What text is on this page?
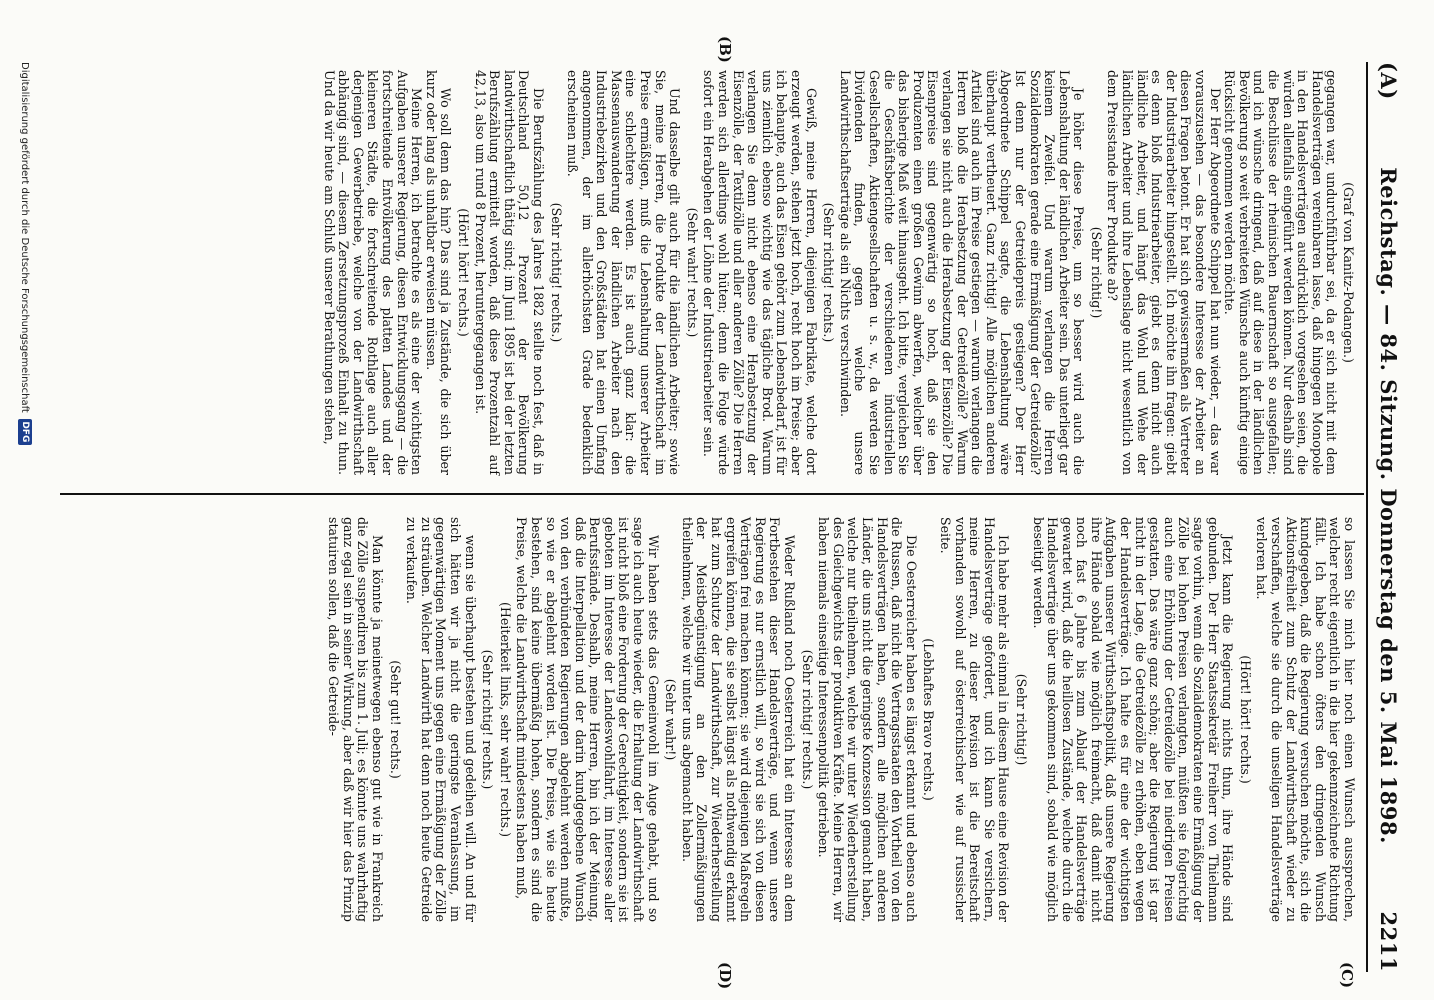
(A)
Reichstag. — 84. Sitzung. Donnerstag den 5. Mai 1898.
2211
(B)
(C)
(D)

(Graf von Kanitz-Podangen.)

gegangen war, undurchführbar sei, da er sich nicht mit dem Handelsverträgen vereinbaren lasse, daß hingegen Monopole in den Handelsverträgen ausdrücklich vorgesehen seien, die würden allenfalls eingeführt werden können. Nur deshalb sind die Beschlüsse der rheinischen Bauernschaft so ausgefallen; und ich wünsche dringend, daß auf diese in der ländlichen Bevölkerung so weit verbreiteten Wünsche auch künftig einige Rücksicht genommen werden möchte.

Der Herr Abgeordnete Schippel hat nun wieder, — das war vorauszusehen — das besondere Interesse der Arbeiter an diesen Fragen betont. Er hat sich gewissermaßen als Vertreter der Industriearbeiter hingestellt. Ich möchte ihn fragen: giebt es denn bloß Industriearbeiter, giebt es denn nicht auch ländliche Arbeiter, und hängt das Wohl und Wehe der ländlichen Arbeiter und ihre Lebenslage nicht wesentlich von dem Preisstande ihrer Produkte ab?

(Sehr richtig!)

Je höher diese Preise, um so besser wird auch die Lebenshaltung der ländlichen Arbeiter sein. Das unterliegt gar keinem Zweifel. Und warum verlangen die Herren Sozialdemokraten gerade eine Ermäßigung der Getreidezölle? Ist denn nur der Getreidepreis gestiegen? Der Herr Abgeordnete Schippel sagte, die Lebenshaltung wäre überhaupt vertheuert. Ganz richtig! Alle möglichen anderen Artikel sind auch im Preise gestiegen — warum verlangen die Herren bloß die Herabsetzung der Getreidezölle? Warum verlangen sie nicht auch die Herabsetzung der Eisenzölle? Die Eisenpreise sind gegenwärtig so hoch, daß sie den Produzenten einen großen Gewinn abwerfen, welcher über das bisherige Maß weit hinausgeht. Ich bitte, vergleichen Sie die Geschäftsberichte der verschiedenen industriellen Gesellschaften, Aktiengesellschaften u. s. w., da werden Sie Dividenden finden, gegen welche unsere Landwirthschaftserträge als ein Nichts verschwinden.

(Sehr richtig! rechts.)

Gewiß, meine Herren, diejenigen Fabrikate, welche dort erzeugt werden, stehen jetzt hoch, recht hoch im Preise; aber ich behaupte, auch das Eisen gehört zum Lebensbedarf, ist für uns ziemlich ebenso wichtig wie das tägliche Brod. Warum verlangen Sie denn nicht ebenso eine Herabsetzung der Eisenzölle, der Textilzölle und aller anderen Zölle? Die Herren werden sich allerdings wohl hüten; denn die Folge würde sofort ein Herabgehen der Löhne der Industriearbeiter sein.

(Sehr wahr! rechts.)

Und dasselbe gilt auch für die ländlichen Arbeiter; sowie Sie, meine Herren, die Produkte der Landwirthschaft im Preise ermäßigen, muß die Lebenshaltung unserer Arbeiter eine schlechtere werden. Es ist auch ganz klar: die Massenauswanderung der ländlichen Arbeiter nach den Industriebezirken und den Großstädten hat einen Umfang angenommen, der im allerhöchsten Grade bedenklich erscheinen muß.

(Sehr richtig! rechts.)

Die Berufszählung des Jahres 1882 stellte noch fest, daß in Deutschland 50,12 Prozent der Bevölkerung landwirthschaftlich thätig sind; im Juni 1895 ist bei der letzten Berufszählung ermittelt worden, daß diese Prozentzahl auf 42,13, also um rund 8 Prozent, heruntergegangen ist.

(Hört! hört! rechts.)

Wo soll denn das hin? Das sind ja Zustände, die sich über kurz oder lang als unhaltbar erweisen müssen.

Meine Herren, ich betrachte es als eine der wichtigsten Aufgaben unserer Regierung, diesen Entwicklungsgang — die fortschreitende Entvölkerung des platten Landes und der kleineren Städte, die fortschreitende Rothlage auch aller derjenigen Gewerbetriebe, welche von der Landwirthschaft abhängig sind, — diesem Zersetzungsprozeß Einhalt zu thun. Und da wir heute am Schluß unserer Berathungen stehen,

so lassen Sie mich hier noch einen Wunsch aussprechen, welcher recht eigentlich in die hier gekennzeichnete Richtung fällt. Ich habe schon öfters den dringenden Wunsch kundgegeben, daß die Regierung versuchen möchte, sich die Aktionsfreiheit zum Schutz der Landwirthschaft wieder zu verschaffen, welche sie durch die unseligen Handelsverträge verloren hat.

(Hört! hört! rechts.)

Jetzt kann die Regierung nichts thun, ihre Hände sind gebunden. Der Herr Staatssekretär Freiherr von Thielmann sagte vorhin, wenn die Sozialdemokraten eine Ermäßigung der Zölle bei hohen Preisen verlangten, müßten sie folgerichtig auch eine Erhöhung der Getreidezölle bei niedrigen Preisen gestatten. Das wäre ganz schön; aber die Regierung ist gar nicht in der Lage, die Getreidezölle zu erhöhen, eben wegen der Handelsverträge. Ich halte es für eine der wichtigsten Aufgaben unserer Wirthschaftspolitik, daß unsere Regierung ihre Hände sobald wie möglich freimacht, daß damit nicht noch fast 6 Jahre bis zum Ablauf der Handelsverträge gewartet wird, daß die heillosen Zustände, welche durch die Handelsverträge über uns gekommen sind, sobald wie möglich beseitigt werden.

(Sehr richtig!)

Ich habe mehr als einmal in diesem Hause eine Revision der Handelsverträge gefordert, und ich kann Sie versichern, meine Herren, zu dieser Revision ist die Bereitschaft vorhanden sowohl auf österreichischer wie auf russischer Seite.

(Lebhaftes Bravo rechts.)

Die Oesterreicher haben es längst erkannt und ebenso auch die Russen, daß nicht die Vertragsstaaten den Vortheil von den Handelsverträgen haben, sondern alle möglichen anderen Länder, die uns nicht die geringste Konzession gemacht haben, welche nur theilnehmen, welche wir unter Wiederherstellung des Gleichgewichts der produktiven Kräfte. Meine Herren, wir haben niemals einseitige Interessenpolitik getrieben.

(Sehr richtig! rechts.)

Weder Rußland noch Oesterreich hat ein Interesse an dem Fortbestehen dieser Handelsverträge, und wenn unsere Regierung es nur ernstlich will, so wird sie sich von diesen Verträgen frei machen können; sie wird diejenigen Maßregeln ergreifen können, die sie selbst längst als nothwendig erkannt hat zum Schutze der Landwirthschaft, zur Wiederherstellung der Meistbegünstigung an den Zollermäßigungen theilnehmen, welche wir unter uns abgemacht haben.

(Sehr wahr!)

Wir haben stets das Gemeinwohl im Auge gehabt, und so sage ich auch heute wieder, die Erhaltung der Landwirthschaft ist nicht bloß eine Forderung der Gerechtigkeit, sondern sie ist geboten im Interesse der Landeswohlfahrt, im Interesse aller Berufsstände. Deshalb, meine Herren, bin ich der Meinung, daß die Interpellation und der darin kundgegebene Wunsch von den verbündeten Regierungen abgelehnt werden mußte, so wie er abgelehnt worden ist. Die Preise, wie sie heute bestehen, sind keine übermäßig hohen, sondern es sind die Preise, welche die Landwirthschaft mindestens haben muß,

(Heiterkeit links, sehr wahr! rechts.)
(Sehr richtig! rechts.)

wenn sie überhaupt bestehen und gedeihen will. An und für sich hätten wir ja nicht die geringste Veranlassung, im gegenwärtigen Moment uns gegen eine Ermäßigung der Zölle zu sträuben. Welcher Landwirth hat denn noch heute Getreide zu verkaufen.

(Sehr gut! rechts.)

Man könnte ja meinetwegen ebenso gut wie in Frankreich die Zölle suspendiren bis zum 1. Juli; es könnte uns wahrhaftig ganz egal sein in seiner Wirkung, aber daß wir hier das Prinzip statuiren sollen, daß die Getreide-

Digitalisierung gefördert durch die Deutsche Forschungsgemeinschaft
DFG
